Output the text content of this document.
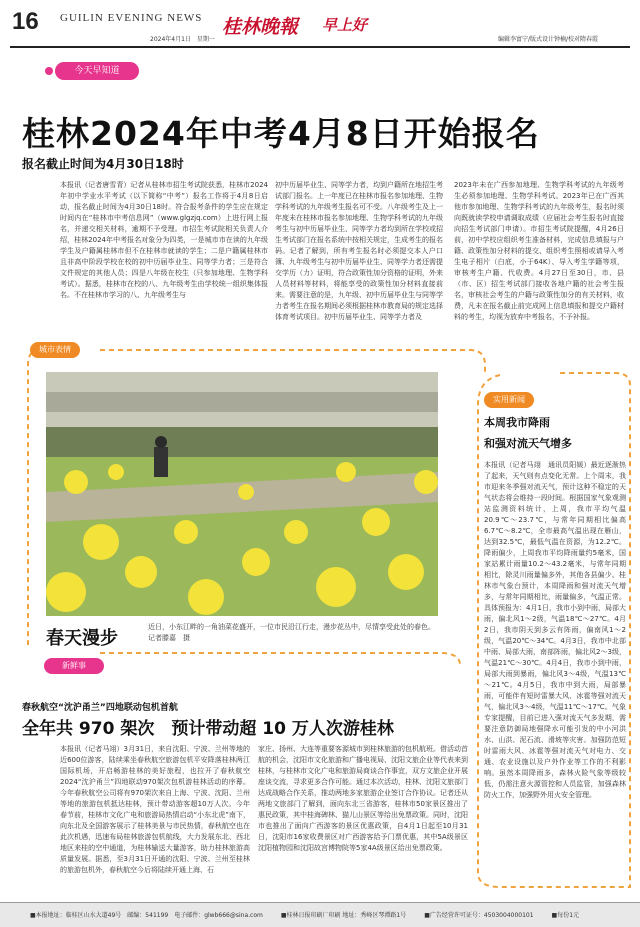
16 GUILIN EVENING NEWS
2024年4月1日　星期一
桂林晚報 早上好
编辑李富宁/版式设计钟楠/校对隋春霞
今天早知道
桂林2024年中考4月8日开始报名
报名截止时间为4月30日18时
本报讯（记者唐雪青）记者从桂林市招生考试院获悉，桂林市2024年初中学业水平考试（以下简称“中考”）报名工作将于4月8日启动，报名截止时间为4月30日18时。符合报考条件的学生应在规定时间内在“桂林市中考信息网”（www.glgzjq.com）上进行网上报名，并递交相关材料，逾期不予受理。市招生考试院相关负责人介绍，桂林2024年中考报名对象分为四类，一是城市市在读的九年级学生及户籍属桂林市但不在桂林市就读的学生；二是户籍属桂林市且非高中阶段学校在校的初中历届毕业生、同等学力者；三是符合文件规定的其他人员；四是八年级在校生（只参加地理、生物学科考试）。据悉，桂林市在校的八、九年级考生由学校统一组织集体报名。不在桂林市学习的八、九年级考生与
初中历届毕业生、同等学力者，均到户籍所在地招生考试部门报名。上一年度已在桂林市报名参加地理、生物学科考试的九年级考生报名可不受。八年级考生及上一年度未在桂林市报名参加地理、生物学科考试的九年级考生与初中历届毕业生、同等学力者均到所在学校或招生考试部门在报名系统中按相关规定，生成考生的报名码。记者了解到，所有考生报名时必须提交本人户口簿、九年级考生与初中历届毕业生、同等学力者还需提交学历（力）证明，符合政策性加分资格的证明，外来人员材料等材料，将能享受的政策性加分材料直接前来。需要注意的是，九年级、初中历届毕业生与同等学力者考生在报名期间必须根据桂林市教育局的规定选择体育考试项目。初中历届毕业生、同等学力者及
2023年未在广西参加地理、生物学科考试的九年级考生必须参加地理、生物学科考试。2023年已在广西其他市参加地理、生物学科考试的九年级考生，报名时须向既就读学校申请调取成绩（应届社会考生报名时直接向招生考试部门申请）。市招生考试院提醒，4月26日前，初中学校应组织考生准备材料，完成信息填报与户籍、政策性加分材料的提交、组织考生照相或请导入考生电子相片（白底，小于64K）、导入考生学籍等项，审核考生户籍、代收费。4月27日至30日，市、县（市、区）招生考试部门接收各地户籍的社会考生报名，审核社会考生的户籍与政策性加分的有关材料，收费，凡未在报名截止前完成网上信息填报和提交户籍材料的考生，均视为放弃中考报名，不予补报。
城市表情
春天漫步
近日，小东江畔的一角油菜花盛开，一位市民沿江行走，漫步花丛中，尽情享受此处的春色。　　　　　　　　记者滕嘉　摄
实用新闻
本周我市降雨
和强对流天气增多
本报讯（记者马翊　通讯员阳媛）最近逐渐热了起来，天气则有点变化无常。上个周末，我市迎来冬季强对流天气，预计这种不稳定的天气状态将会维持一段时间。根据国家气象观测站监测资料统计，上周，我市平均气温20.9℃～23.7℃，与常年同期相比偏高6.7℃～8.2℃，全市最高气温出现在雁山，达到32.5℃，最低气温在资源，为12.2℃。降雨偏少，上周我市平均降雨量约5毫米，国家站累计雨量10.2～43.2毫米，与常年同期相比，除灵川雨量偏多外，其他各县偏少。桂林市气象台预计，本周降雨和强对流天气增多，与常年同期相比，雨量偏多，气温正常。具体预报为：4月1日，我市小到中雨，局部大雨，偏北风1～2级，气温18℃～27℃。4月2日，我市阴天到多云有阵雨，偏南风1～2级，气温20℃～34℃。4月3日，我市中北部中雨、局部大雨，南部阵雨，偏北风2～3级，气温21℃～30℃。4月4日，我市小到中雨，局部大雨到暴雨，偏北风3～4级，气温13℃～21℃。4月5日，我市中到大雨，局部暴雨，可能伴有短时雷暴大风、冰雹等强对流天气，偏北风3～4级，气温11℃～17℃。气象专家提醒，目前已进入强对流天气多发期，需要注意防御局地强降水可能引发的中小河洪水、山洪、泥石流、滑坡等灾害。加强防范短时雷雨大风、冰雹等强对流天气对电力、交通、农业设施以及户外作业等工作的不利影响。虽然本周降雨多，森林火险气象等级较低，仍需注意火源管控和人员监管，加强森林防火工作，加强野外用火安全管理。
新鲜事
春秋航空“沈沪甬兰”四地联动包机首航
全年共 970 架次　预计带动超 10 万人次游桂林
本报讯（记者马翊）3月31日，来自沈阳、宁波、兰州等地的近600位游客，陆续乘坐春秋航空旅游包机平安降落桂林两江国际机场，开启畅游桂林的美好旅程，也拉开了春秋航空2024“沈沪甬兰”四地联动970架次包机游桂林活动的序幕。今年春秋航空公司将有970架次来自上海、宁波、沈阳、兰州等地的旅游包机抵达桂林，预计带动游客超10万人次。今年春节前，桂林市文化广电和旅游局热情启动“小东北虎”南下，向东北及全国游客展示了桂林美景与市民热情，春秋航空也在此次机遇，迅速布局桂林旅游包机航线，大力发展东北、西北地区来桂的空中通道，为桂林输送大量游客，助力桂林旅游高质量发展。据悉，至3月31日开通的沈阳、宁波、兰州至桂林的旅游包机外，春秋航空今后将陆续开通上海、石
家庄、扬州、大连等重要客源城市到桂林旅游的包机航班。借活动首航的机会，沈阳市文化旅游和广播电视局、沈阳文旅企业等代表来到桂林，与桂林市文化广电和旅游局商谈合作事宜，双方文旅企业开展座谈交流，寻求更多合作可能。通过本次活动，桂林、沈阳文旅部门达成战略合作关系，推动两地多家旅游企业签订合作协议。记者还从两地文旅部门了解到，面向东北三省游客，桂林市50家景区推出了惠民政策，其中桂海碑林、猫儿山景区等给出免票政策。同时，沈阳市也推出了面向广西游客的景区优惠政策，自4月1日起至10月31日，沈阳市16家收费景区对广西游客给予门票优惠，其中5A级景区沈阳植物园和沈阳故宫博物院等5家4A级景区给出免票政策。
■本报地址：临桂区山水大道49号　邮编：541199　电子邮件：glwb666@sina.com　　　■桂林日报印刷厂印刷 地址：秀峰区琴潭路1号　　　■广告经营许可证号：4503004000101　　　■每份1元
